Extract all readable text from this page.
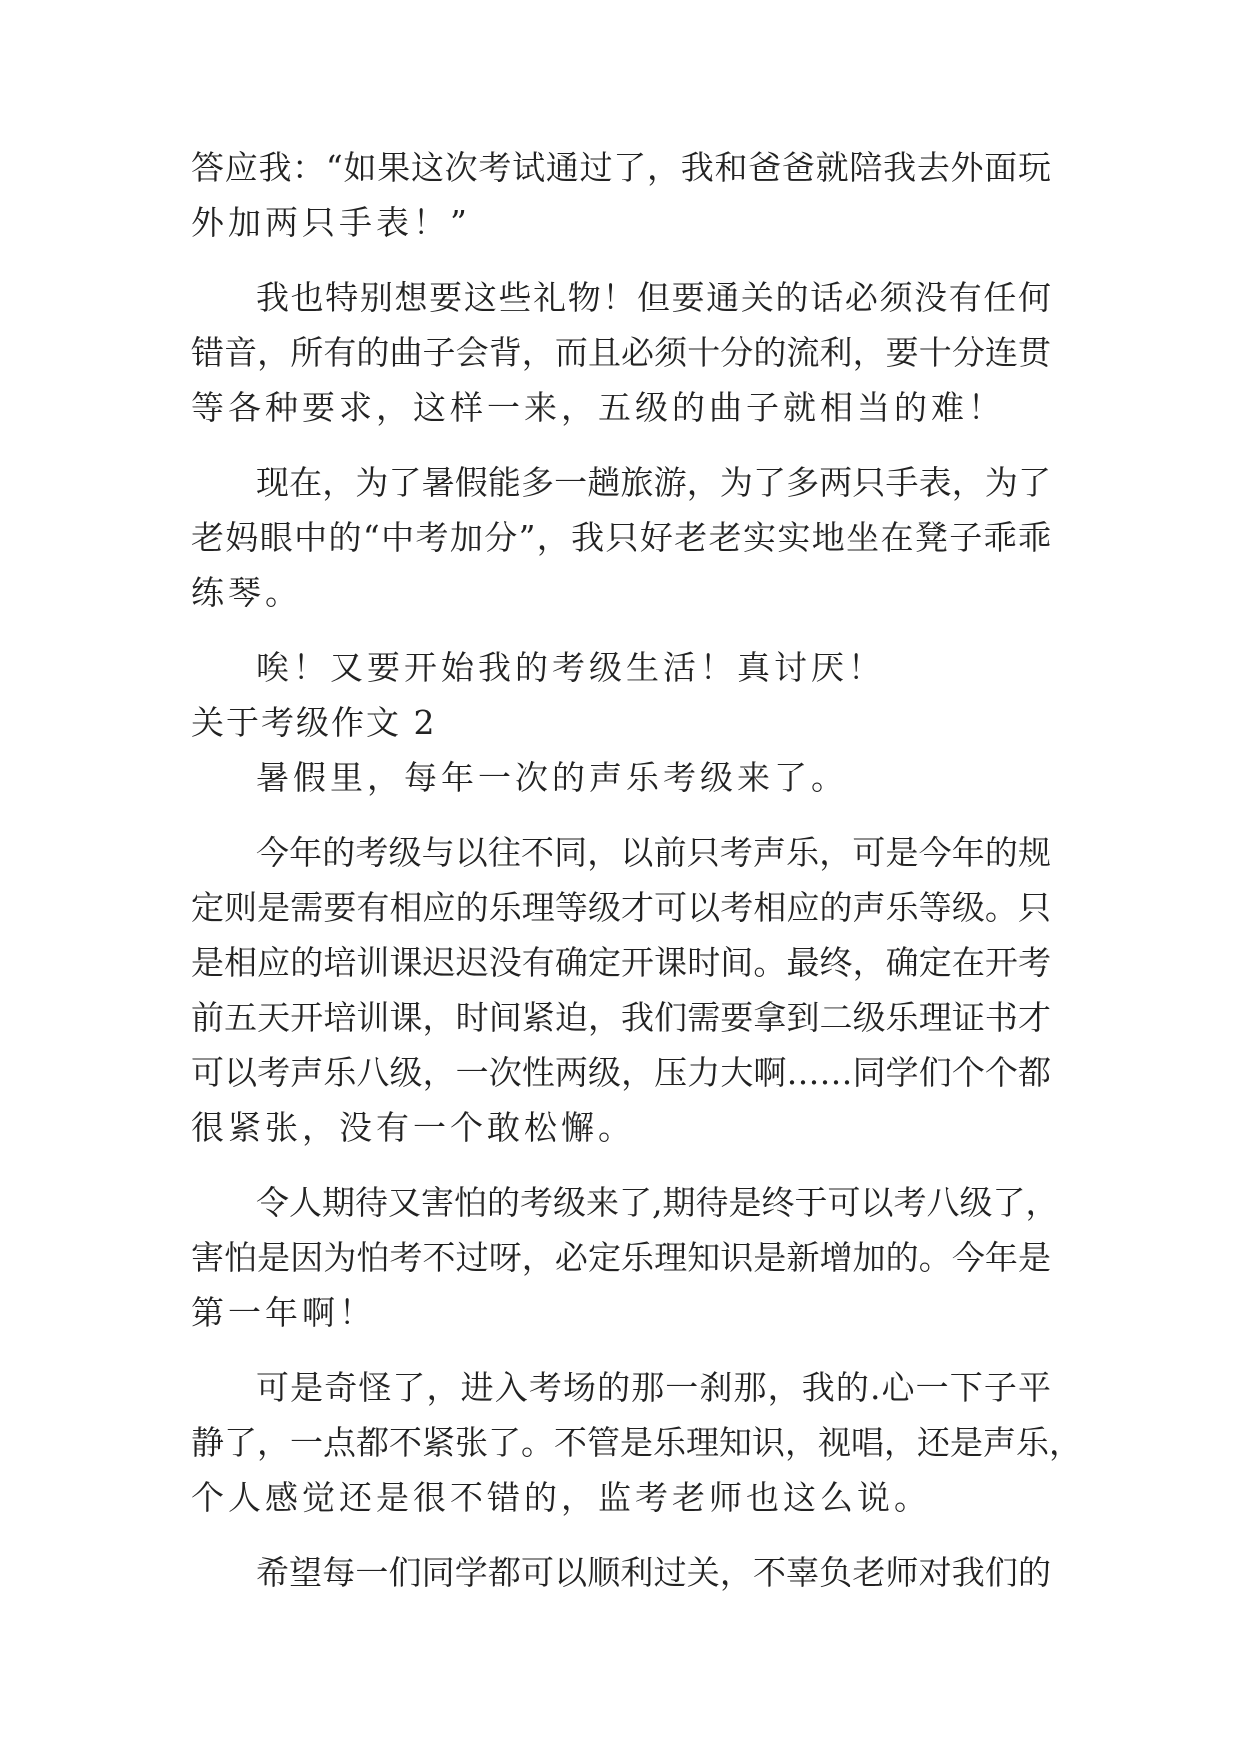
答应我：“如果这次考试通过了，我和爸爸就陪我去外面玩
外加两只手表！”
我也特别想要这些礼物！但要通关的话必须没有任何
错音，所有的曲子会背，而且必须十分的流利，要十分连贯
等各种要求，这样一来，五级的曲子就相当的难！
现在，为了暑假能多一趟旅游，为了多两只手表，为了
老妈眼中的“中考加分”，我只好老老实实地坐在凳子乖乖
练琴。
唉！又要开始我的考级生活！真讨厌！
关于考级作文 2
暑假里，每年一次的声乐考级来了。
今年的考级与以往不同，以前只考声乐，可是今年的规
定则是需要有相应的乐理等级才可以考相应的声乐等级。只
是相应的培训课迟迟没有确定开课时间。最终，确定在开考
前五天开培训课，时间紧迫，我们需要拿到二级乐理证书才
可以考声乐八级，一次性两级，压力大啊……同学们个个都
很紧张，没有一个敢松懈。
令人期待又害怕的考级来了,期待是终于可以考八级了，
害怕是因为怕考不过呀，必定乐理知识是新增加的。今年是
第一年啊！
可是奇怪了，进入考场的那一刹那，我的.心一下子平
静了，一点都不紧张了。不管是乐理知识，视唱，还是声乐，
个人感觉还是很不错的，监考老师也这么说。
希望每一们同学都可以顺利过关，不辜负老师对我们的
